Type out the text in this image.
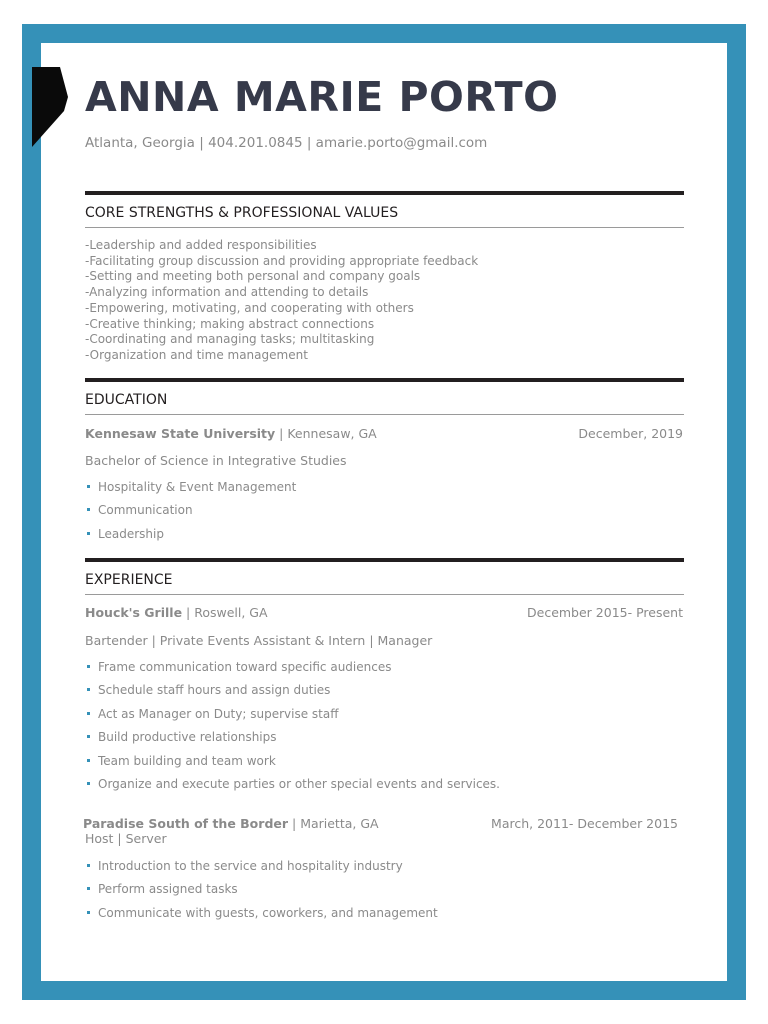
ANNA MARIE PORTO
Atlanta, Georgia | 404.201.0845 | amarie.porto@gmail.com
CORE STRENGTHS & PROFESSIONAL VALUES
-Leadership and added responsibilities
-Facilitating group discussion and providing appropriate feedback
-Setting and meeting both personal and company goals
-Analyzing information and attending to details
-Empowering, motivating, and cooperating with others
-Creative thinking; making abstract connections
-Coordinating and managing tasks; multitasking
-Organization and time management
EDUCATION
Kennesaw State University | Kennesaw, GA	December, 2019
Bachelor of Science in Integrative Studies
Hospitality & Event Management
Communication
Leadership
EXPERIENCE
Houck's Grille | Roswell, GA	December 2015- Present
Bartender | Private Events Assistant & Intern | Manager
Frame communication toward specific audiences
Schedule staff hours and assign duties
Act as Manager on Duty; supervise staff
Build productive relationships
Team building and team work
Organize and execute parties or other special events and services.
Paradise South of the Border | Marietta, GA	March, 2011- December 2015
Host | Server
Introduction to the service and hospitality industry
Perform assigned tasks
Communicate with guests, coworkers, and management
